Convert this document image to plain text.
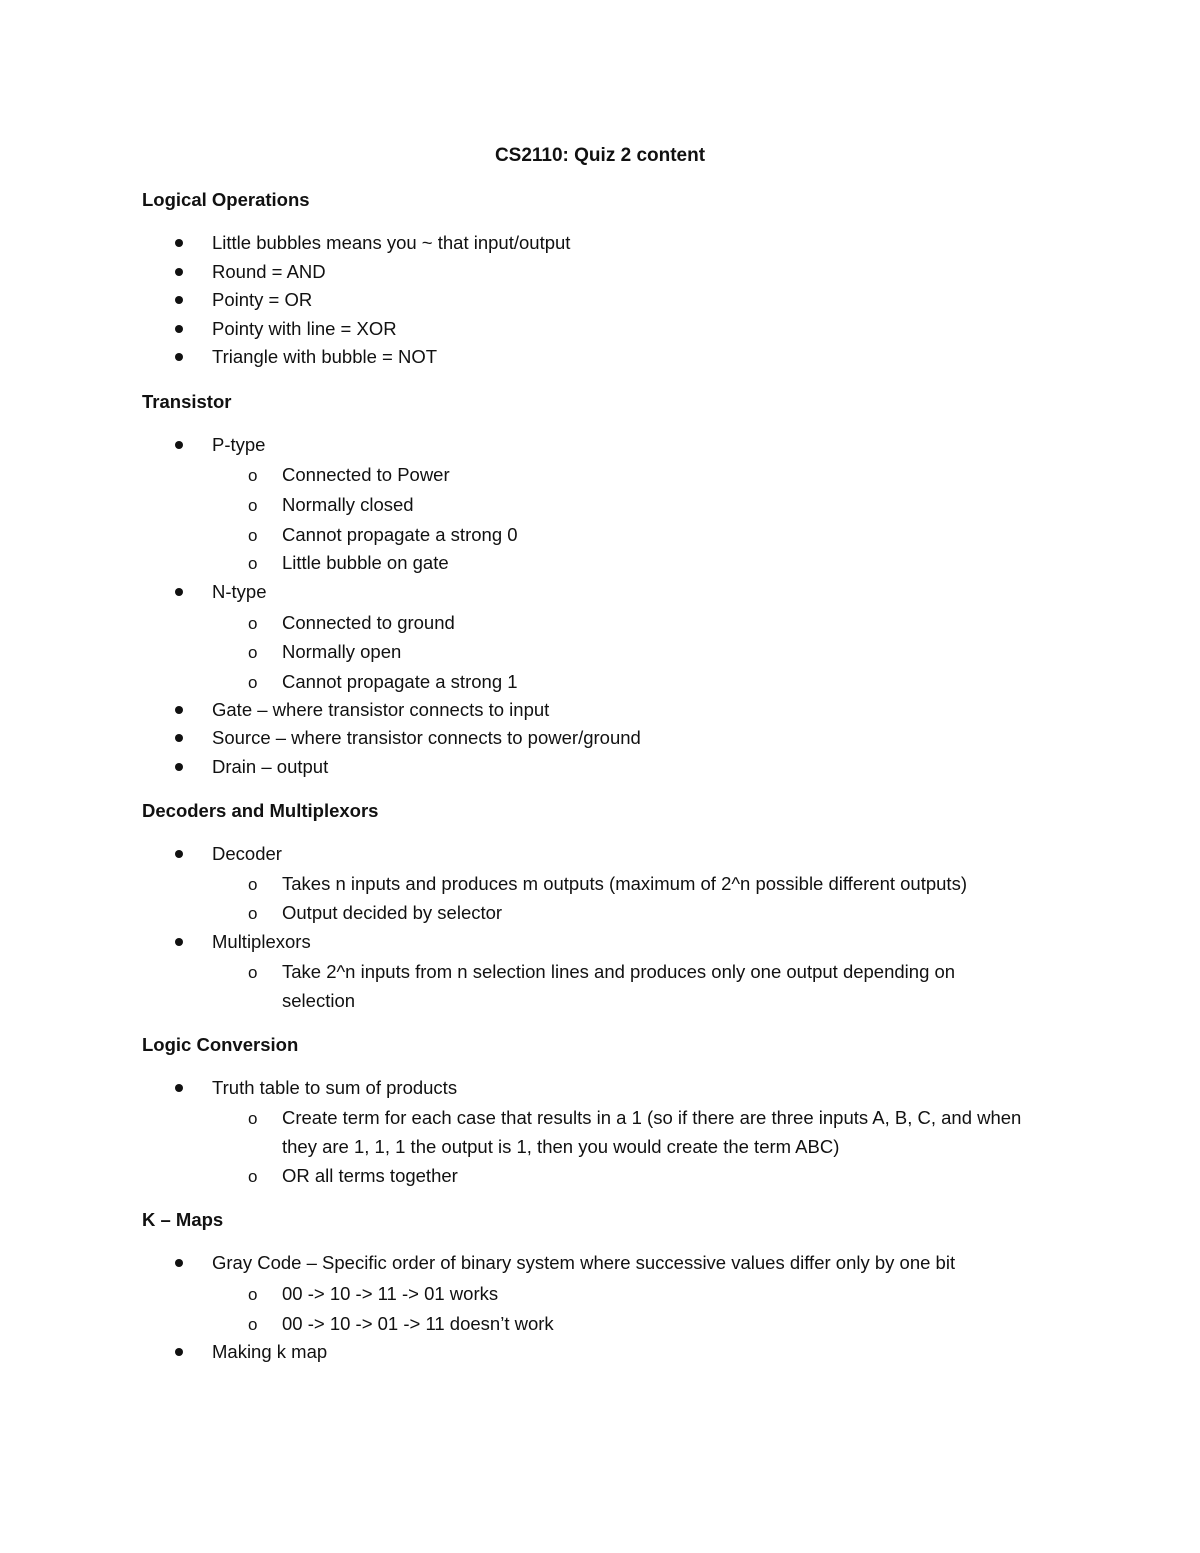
CS2110: Quiz 2 content
Logical Operations
Little bubbles means you ~ that input/output
Round = AND
Pointy = OR
Pointy with line = XOR
Triangle with bubble = NOT
Transistor
P-type
o Connected to Power
o Normally closed
o Cannot propagate a strong 0
o Little bubble on gate
N-type
o Connected to ground
o Normally open
o Cannot propagate a strong 1
Gate – where transistor connects to input
Source – where transistor connects to power/ground
Drain – output
Decoders and Multiplexors
Decoder
o Takes n inputs and produces m outputs (maximum of 2^n possible different outputs)
o Output decided by selector
Multiplexors
o Take 2^n inputs from n selection lines and produces only one output depending on selection
Logic Conversion
Truth table to sum of products
o Create term for each case that results in a 1 (so if there are three inputs A, B, C, and when they are 1, 1, 1 the output is 1, then you would create the term ABC)
o OR all terms together
K – Maps
Gray Code – Specific order of binary system where successive values differ only by one bit
o 00 -> 10 -> 11 -> 01 works
o 00 -> 10 -> 01 -> 11 doesn’t work
Making k map
